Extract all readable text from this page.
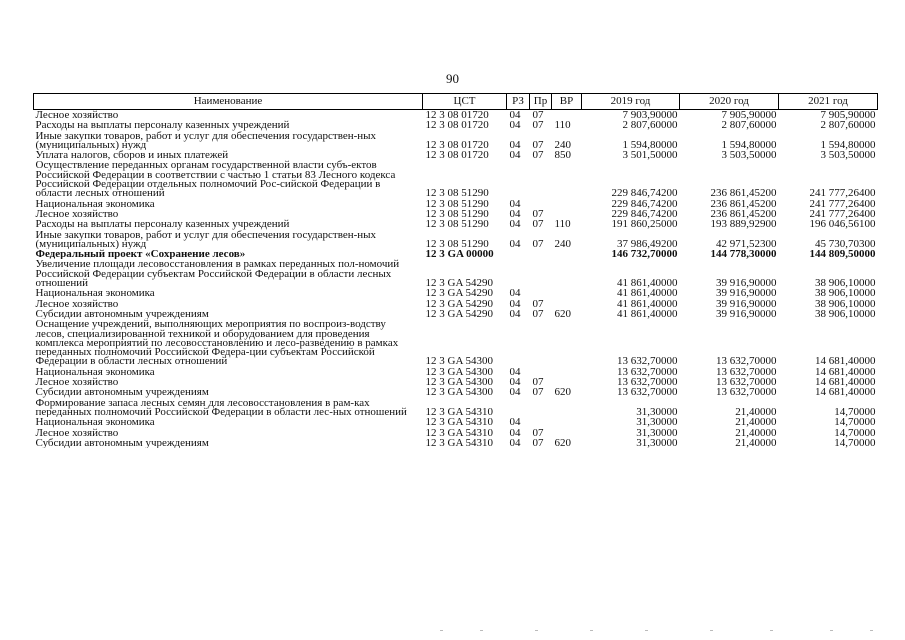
90
Наименование	ЦСТ	РЗ	Пр	ВР	2019 год	2020 год	2021 год
Лесное хозяйство	12 3 08 01720	04	07		7 903,90000	7 905,90000	7 905,90000
Расходы на выплаты персоналу казенных учреждений	12 3 08 01720	04	07	110	2 807,60000	2 807,60000	2 807,60000
Иные закупки товаров, работ и услуг для обеспечения государствен-ных (муниципальных) нужд	12 3 08 01720	04	07	240	1 594,80000	1 594,80000	1 594,80000
Уплата налогов, сборов и иных платежей	12 3 08 01720	04	07	850	3 501,50000	3 503,50000	3 503,50000
Осуществление переданных органам государственной власти субъ-ектов Российской Федерации в соответствии с частью 1 статьи 83 Лесного кодекса Российской Федерации отдельных полномочий Рос-сийской Федерации в области лесных отношений	12 3 08 51290				229 846,74200	236 861,45200	241 777,26400
Национальная экономика	12 3 08 51290	04			229 846,74200	236 861,45200	241 777,26400
Лесное хозяйство	12 3 08 51290	04	07		229 846,74200	236 861,45200	241 777,26400
Расходы на выплаты персоналу казенных учреждений	12 3 08 51290	04	07	110	191 860,25000	193 889,92900	196 046,56100
Иные закупки товаров, работ и услуг для обеспечения государствен-ных (муниципальных) нужд	12 3 08 51290	04	07	240	37 986,49200	42 971,52300	45 730,70300
Федеральный проект «Сохранение лесов»	12 3 GA 00000				146 732,70000	144 778,30000	144 809,50000
Увеличение площади лесовосстановления в рамках переданных пол-номочий Российской Федерации субъектам Российской Федерации в области лесных отношений	12 3 GA 54290				41 861,40000	39 916,90000	38 906,10000
Национальная экономика	12 3 GA 54290	04			41 861,40000	39 916,90000	38 906,10000
Лесное хозяйство	12 3 GA 54290	04	07		41 861,40000	39 916,90000	38 906,10000
Субсидии автономным учреждениям	12 3 GA 54290	04	07	620	41 861,40000	39 916,90000	38 906,10000
Оснащение учреждений, выполняющих мероприятия по воспроиз-водству лесов, специализированной техникой и оборудованием для проведения комплекса мероприятий по лесовосстановлению и лесо-разведению в рамках переданных полномочий Российской Федера-ции субъектам Российской Федерации в области лесных отношений	12 3 GA 54300				13 632,70000	13 632,70000	14 681,40000
Национальная экономика	12 3 GA 54300	04			13 632,70000	13 632,70000	14 681,40000
Лесное хозяйство	12 3 GA 54300	04	07		13 632,70000	13 632,70000	14 681,40000
Субсидии автономным учреждениям	12 3 GA 54300	04	07	620	13 632,70000	13 632,70000	14 681,40000
Формирование запаса лесных семян для лесовосстановления в рам-ках переданных полномочий Российской Федерации в области лес-ных отношений	12 3 GA 54310				31,30000	21,40000	14,70000
Национальная экономика	12 3 GA 54310	04			31,30000	21,40000	14,70000
Лесное хозяйство	12 3 GA 54310	04	07		31,30000	21,40000	14,70000
Субсидии автономным учреждениям	12 3 GA 54310	04	07	620	31,30000	21,40000	14,70000
